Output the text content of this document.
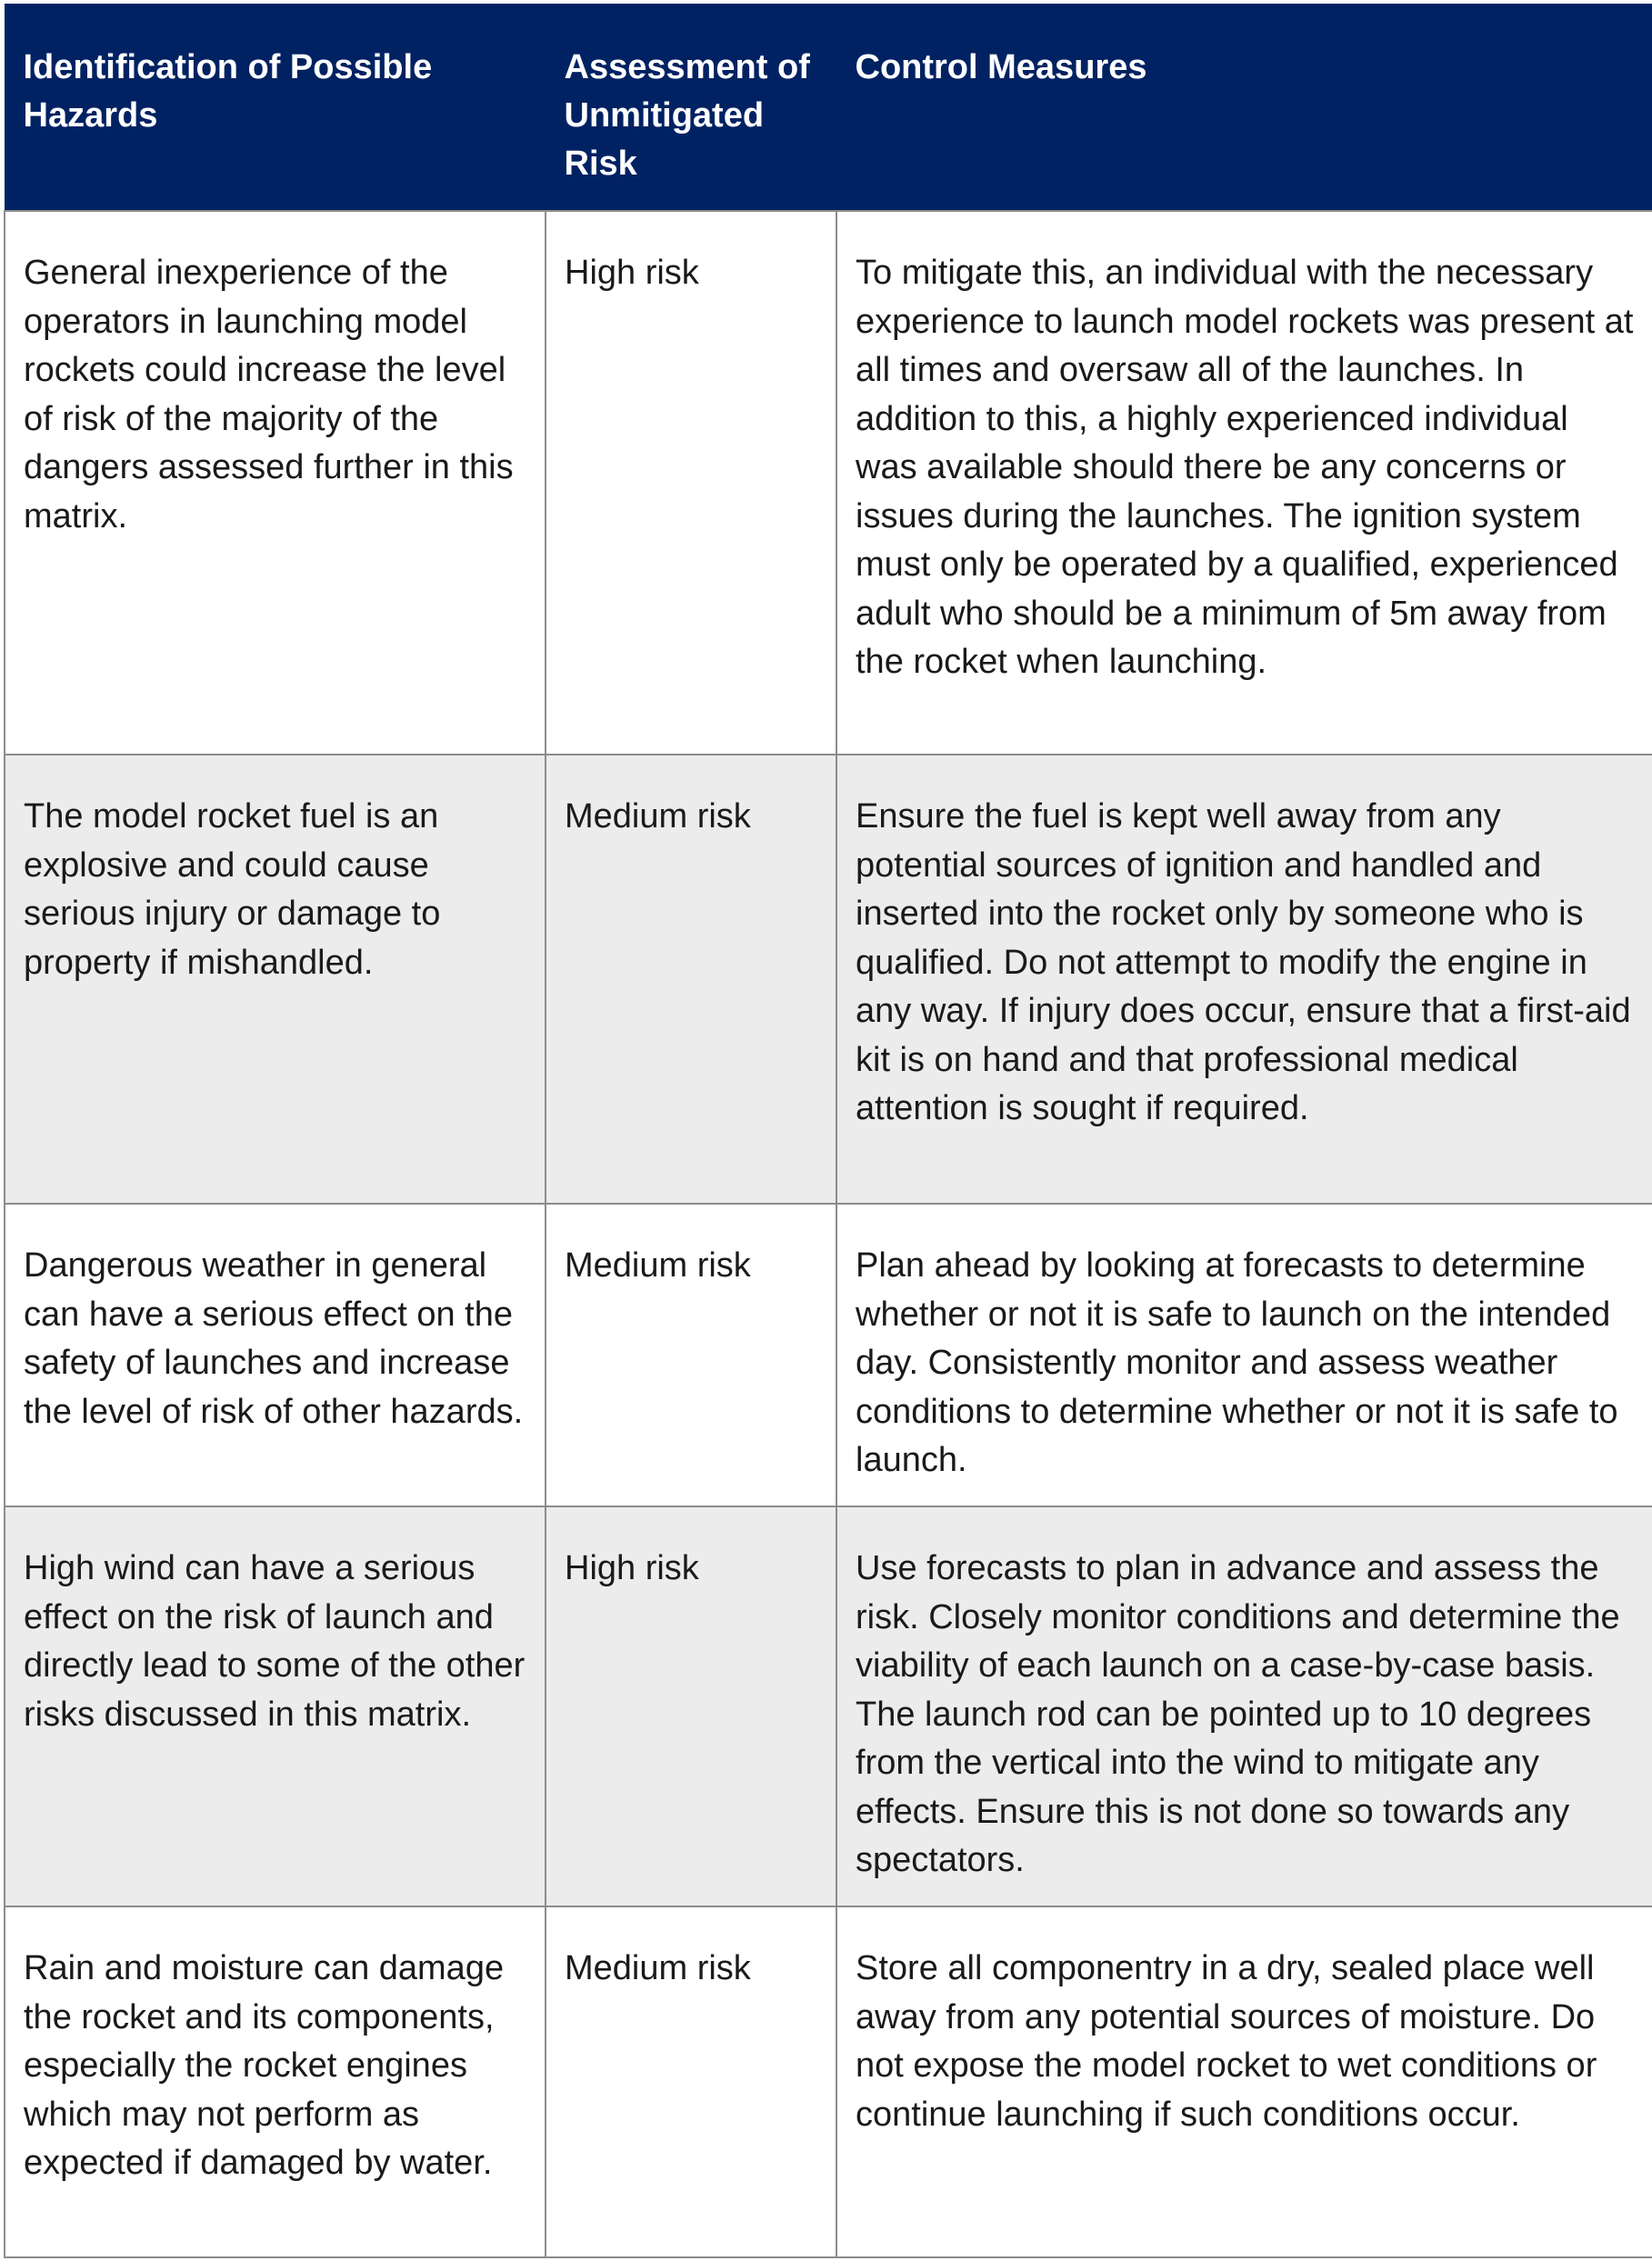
Identification of Possible Hazards	Assessment of Unmitigated Risk	Control Measures
General inexperience of the operators in launching model rockets could increase the level of risk of the majority of the dangers assessed further in this matrix.	High risk	To mitigate this, an individual with the necessary experience to launch model rockets was present at all times and oversaw all of the launches. In addition to this, a highly experienced individual was available should there be any concerns or issues during the launches. The ignition system must only be operated by a qualified, experienced adult who should be a minimum of 5m away from the rocket when launching.
The model rocket fuel is an explosive and could cause serious injury or damage to property if mishandled.	Medium risk	Ensure the fuel is kept well away from any potential sources of ignition and handled and inserted into the rocket only by someone who is qualified. Do not attempt to modify the engine in any way. If injury does occur, ensure that a first-aid kit is on hand and that professional medical attention is sought if required.
Dangerous weather in general can have a serious effect on the safety of launches and increase the level of risk of other hazards.	Medium risk	Plan ahead by looking at forecasts to determine whether or not it is safe to launch on the intended day. Consistently monitor and assess weather conditions to determine whether or not it is safe to launch.
High wind can have a serious effect on the risk of launch and directly lead to some of the other risks discussed in this matrix.	High risk	Use forecasts to plan in advance and assess the risk. Closely monitor conditions and determine the viability of each launch on a case-by-case basis. The launch rod can be pointed up to 10 degrees from the vertical into the wind to mitigate any effects. Ensure this is not done so towards any spectators.
Rain and moisture can damage the rocket and its components, especially the rocket engines which may not perform as expected if damaged by water.	Medium risk	Store all componentry in a dry, sealed place well away from any potential sources of moisture. Do not expose the model rocket to wet conditions or continue launching if such conditions occur.
